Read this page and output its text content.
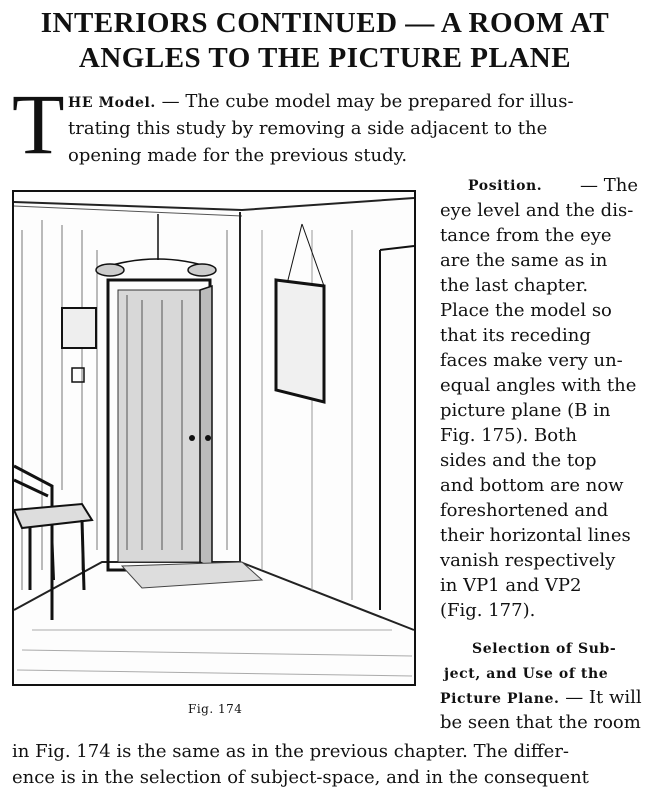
INTERIORS CONTINUED — A ROOM AT
ANGLES TO THE PICTURE PLANE
T HE Model. — The cube model may be prepared for illus-
trating this study by removing a side adjacent to the
opening made for the previous study.
Fig. 174
Position. — The
eye level and the dis-
tance from the eye
are the same as in
the last chapter.
Place the model so
that its receding
faces make very un-
equal angles with the
picture plane (B in
Fig. 175). Both
sides and the top
and bottom are now
foreshortened and
their horizontal lines
vanish respectively
in VP1 and VP2
(Fig. 177).
Selection of Sub-
ject, and Use of the
Picture Plane. — It will
be seen that the room
in Fig. 174 is the same as in the previous chapter. The differ-
ence is in the selection of subject-space, and in the consequent
